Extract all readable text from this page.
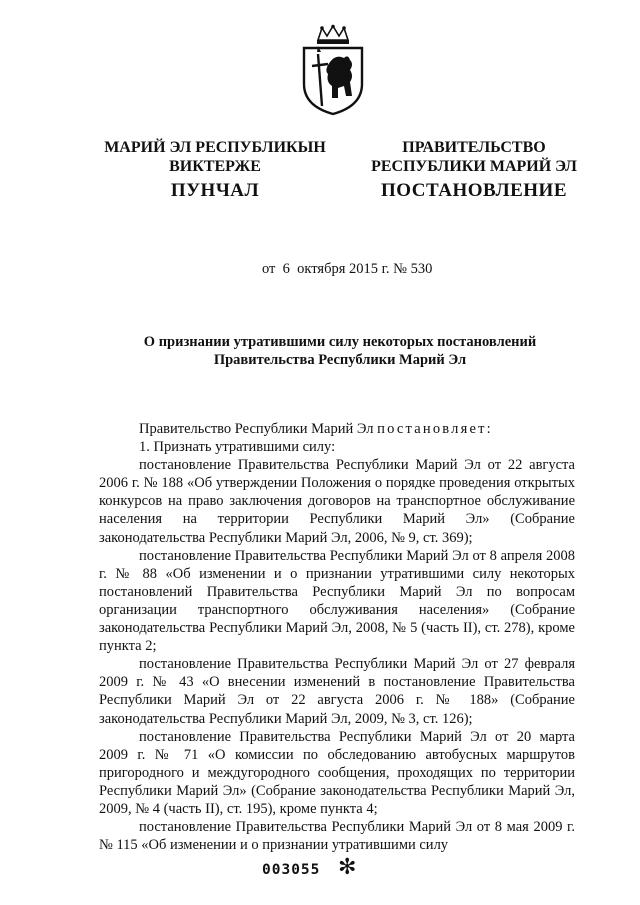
МАРИЙ ЭЛ РЕСПУБЛИКЫН
ВИКТЕРЖЕ
ПУНЧАЛ
ПРАВИТЕЛЬСТВО
РЕСПУБЛИКИ МАРИЙ ЭЛ
ПОСТАНОВЛЕНИЕ
от  6  октября 2015 г. № 530
О признании утратившими силу некоторых постановлений
Правительства Республики Марий Эл

Правительство Республики Марий Эл постановляет:

1. Признать утратившими силу:

постановление Правительства Республики Марий Эл от 22 августа 2006 г. № 188 «Об утверждении Положения о порядке проведения открытых конкурсов на право заключения договоров на транспортное обслуживание населения на территории Республики Марий Эл» (Собрание законодательства Республики Марий Эл, 2006, № 9, ст. 369);

постановление Правительства Республики Марий Эл от 8 апреля 2008 г. № 88 «Об изменении и о признании утратившими силу некоторых постановлений Правительства Республики Марий Эл по вопросам организации транспортного обслуживания населения» (Собрание законодательства Республики Марий Эл, 2008, № 5 (часть II), ст. 278), кроме пункта 2;

постановление Правительства Республики Марий Эл от 27 февраля 2009 г. № 43 «О внесении изменений в постановление Правительства Республики Марий Эл от 22 августа 2006 г. № 188» (Собрание законодательства Республики Марий Эл, 2009, № 3, ст. 126);

постановление Правительства Республики Марий Эл от 20 марта 2009 г. № 71 «О комиссии по обследованию автобусных маршрутов пригородного и междугородного сообщения, проходящих по территории Республики Марий Эл» (Собрание законодательства Республики Марий Эл, 2009, № 4 (часть II), ст. 195), кроме пункта 4;

постановление Правительства Республики Марий Эл от 8 мая 2009 г. № 115 «Об изменении и о признании утратившими силу

003055 ✻
